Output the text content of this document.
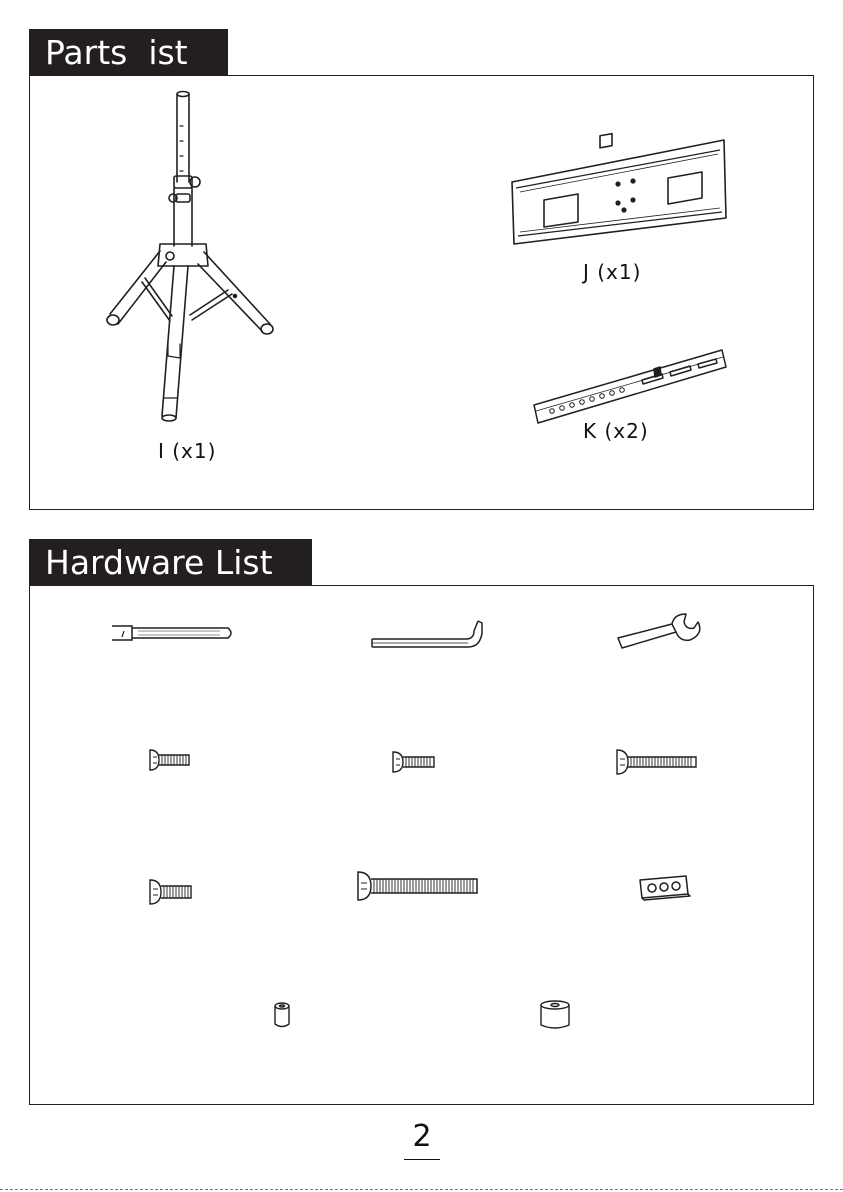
Parts  ist
I (x1)
J (x1)
K (x2)
Hardware List
2
